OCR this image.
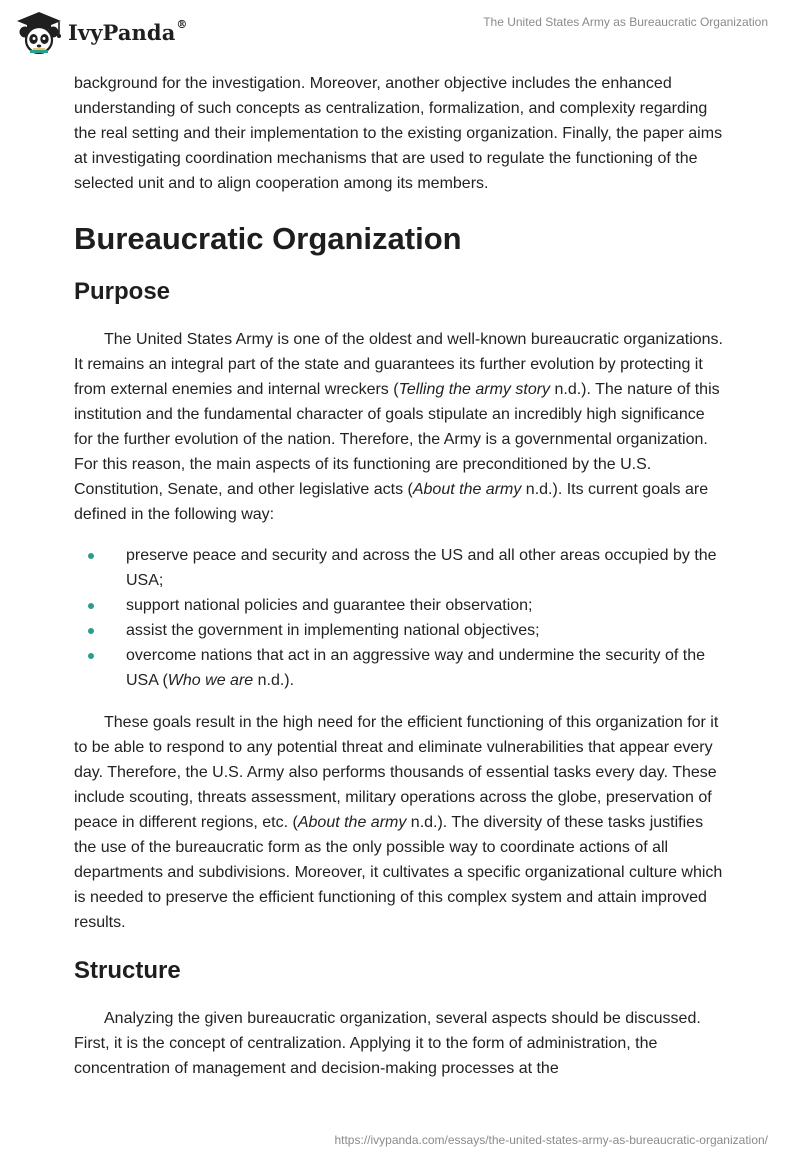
IvyPanda®	The United States Army as Bureaucratic Organization

background for the investigation. Moreover, another objective includes the enhanced understanding of such concepts as centralization, formalization, and complexity regarding the real setting and their implementation to the existing organization. Finally, the paper aims at investigating coordination mechanisms that are used to regulate the functioning of the selected unit and to align cooperation among its members.

Bureaucratic Organization
Purpose

The United States Army is one of the oldest and well-known bureaucratic organizations. It remains an integral part of the state and guarantees its further evolution by protecting it from external enemies and internal wreckers (Telling the army story n.d.). The nature of this institution and the fundamental character of goals stipulate an incredibly high significance for the further evolution of the nation. Therefore, the Army is a governmental organization. For this reason, the main aspects of its functioning are preconditioned by the U.S. Constitution, Senate, and other legislative acts (About the army n.d.). Its current goals are defined in the following way:

preserve peace and security and across the US and all other areas occupied by the USA;
support national policies and guarantee their observation;
assist the government in implementing national objectives;
overcome nations that act in an aggressive way and undermine the security of the USA (Who we are n.d.).

These goals result in the high need for the efficient functioning of this organization for it to be able to respond to any potential threat and eliminate vulnerabilities that appear every day. Therefore, the U.S. Army also performs thousands of essential tasks every day. These include scouting, threats assessment, military operations across the globe, preservation of peace in different regions, etc. (About the army n.d.). The diversity of these tasks justifies the use of the bureaucratic form as the only possible way to coordinate actions of all departments and subdivisions. Moreover, it cultivates a specific organizational culture which is needed to preserve the efficient functioning of this complex system and attain improved results.

Structure

Analyzing the given bureaucratic organization, several aspects should be discussed. First, it is the concept of centralization. Applying it to the form of administration, the concentration of management and decision-making processes at the

https://ivypanda.com/essays/the-united-states-army-as-bureaucratic-organization/
